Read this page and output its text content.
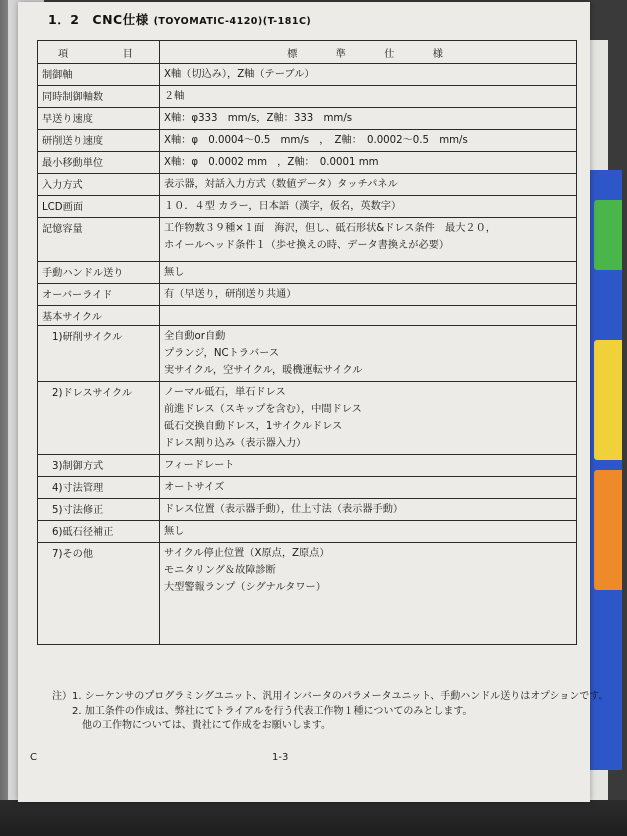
1．2　CNC仕様 (TOYOMATIC-4120)(T-181C)
項　　　目	標　　準　　仕　　様
制御軸	X軸（切込み），Z軸（テーブル）

同時制御軸数	２軸

早送り速度	X軸：φ333　mm/s，Z軸：333　mm/s

研削送り速度	X軸：φ　0.0004～0.5　mm/s　，　Z軸：　0.0002～0.5　mm/s

最小移動単位	X軸：φ　0.0002 mm　，Z軸：　0.0001 mm

入力方式	表示器，対話入力方式（数値データ）タッチパネル

LCD画面	１０．４型 カラー，日本語（漢字，仮名，英数字）

記憶容量	工作物数３９種×１面　海沢，但し、砥石形状&ドレス条件　最大２０，
ホイールヘッド条件１（歩せ換えの時、データ書換えが必要）

手動ハンドル送り	無し

オーバーライド	有（早送り，研削送り共通）

基本サイクル	
1)研削サイクル	全自動or自動
プランジ，NCトラバース
実サイクル，空サイクル，暖機運転サイクル

2)ドレスサイクル	ノーマル砥石，単石ドレス
前進ドレス（スキップを含む），中間ドレス
砥石交換自動ドレス，1サイクルドレス
ドレス割り込み（表示器入力）

3)制御方式	フィードレート

4)寸法管理	オートサイズ

5)寸法修正	ドレス位置（表示器手動），仕上寸法（表示器手動）

6)砥石径補正	無し

7)その他	サイクル停止位置（X原点，Z原点）
モニタリング＆故障診断
大型警報ランプ（シグナルタワー）
注）1. シーケンサのプログラミングユニット、汎用インバータのパラメータユニット、手動ハンドル送りはオプションです。
2. 加工条件の作成は、弊社にてトライアルを行う代表工作物１種についてのみとします。
他の工作物については、貴社にて作成をお願いします。
C	1-3
